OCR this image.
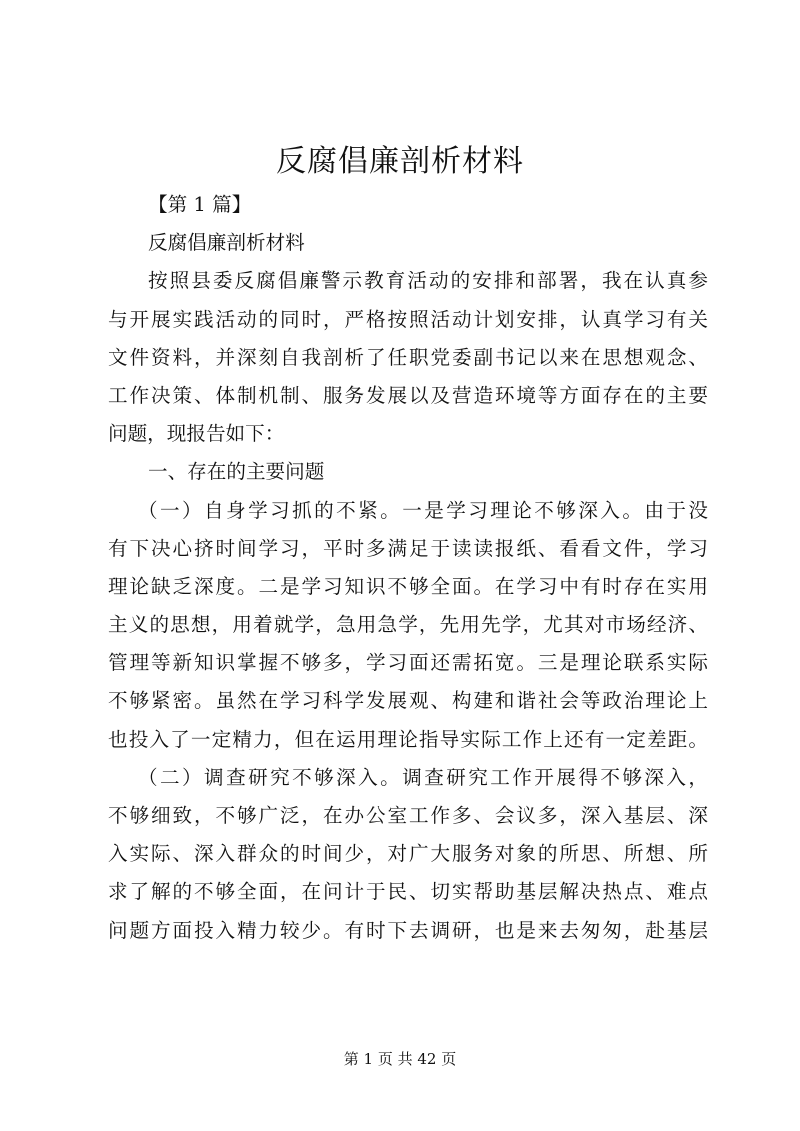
反腐倡廉剖析材料
【第 1 篇】
反腐倡廉剖析材料
按照县委反腐倡廉警示教育活动的安排和部署，我在认真参
与开展实践活动的同时，严格按照活动计划安排，认真学习有关
文件资料，并深刻自我剖析了任职党委副书记以来在思想观念、
工作决策、体制机制、服务发展以及营造环境等方面存在的主要
问题，现报告如下：
一、存在的主要问题
（一）自身学习抓的不紧。一是学习理论不够深入。由于没
有下决心挤时间学习，平时多满足于读读报纸、看看文件，学习
理论缺乏深度。二是学习知识不够全面。在学习中有时存在实用
主义的思想，用着就学，急用急学，先用先学，尤其对市场经济、
管理等新知识掌握不够多，学习面还需拓宽。三是理论联系实际
不够紧密。虽然在学习科学发展观、构建和谐社会等政治理论上
也投入了一定精力，但在运用理论指导实际工作上还有一定差距。
（二）调查研究不够深入。调查研究工作开展得不够深入，
不够细致，不够广泛，在办公室工作多、会议多，深入基层、深
入实际、深入群众的时间少，对广大服务对象的所思、所想、所
求了解的不够全面，在问计于民、切实帮助基层解决热点、难点
问题方面投入精力较少。有时下去调研，也是来去匆匆，赴基层
第 1 页 共 42 页
